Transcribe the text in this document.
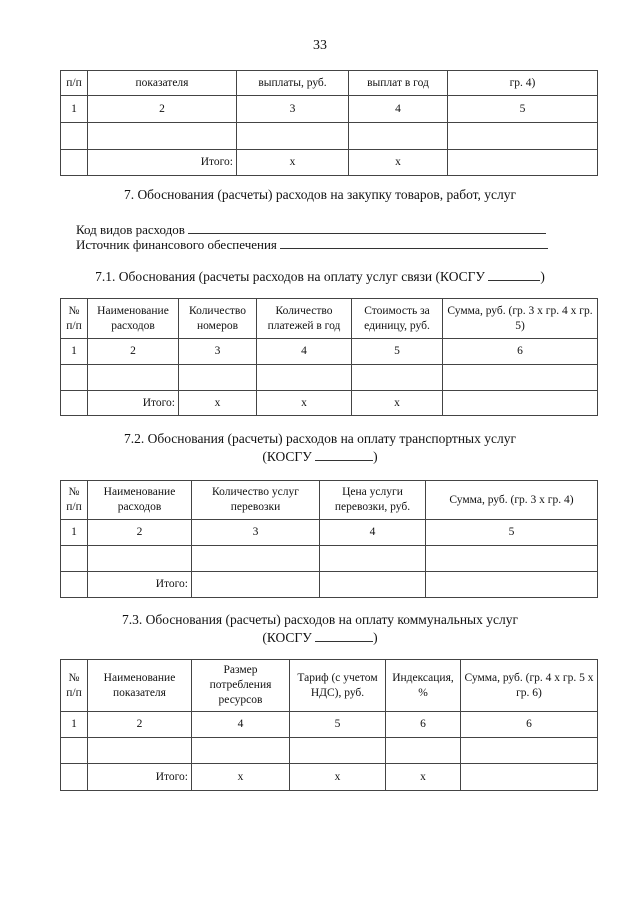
33
п/п	показателя	выплаты, руб.	выплат в год	гр. 4)
1	2	3	4	5

	Итого:	x	x	
7. Обоснования (расчеты) расходов на закупку товаров, работ, услуг
Код видов расходов
Источник финансового обеспечения
7.1. Обоснования (расчеты расходов на оплату услуг связи (КОСГУ	)
№ п/п	Наименование расходов	Количество номеров	Количество платежей в год	Стоимость за единицу, руб.	Сумма, руб. (гр. 3 х гр. 4 х гр. 5)
1	2	3	4	5	6

	Итого:	x	x	x	
7.2. Обоснования (расчеты) расходов на оплату транспортных услуг
(КОСГУ	)
№ п/п	Наименование расходов	Количество услуг перевозки	Цена услуги перевозки, руб.	Сумма, руб. (гр. 3 х гр. 4)
1	2	3	4	5

	Итого:			
7.3. Обоснования (расчеты) расходов на оплату коммунальных услуг
(КОСГУ	)
№ п/п	Наименование показателя	Размер потребления ресурсов	Тариф (с учетом НДС), руб.	Индексация, %	Сумма, руб. (гр. 4 х гр. 5 х гр. 6)
1	2	4	5	6	6

	Итого:	x	x	x	
